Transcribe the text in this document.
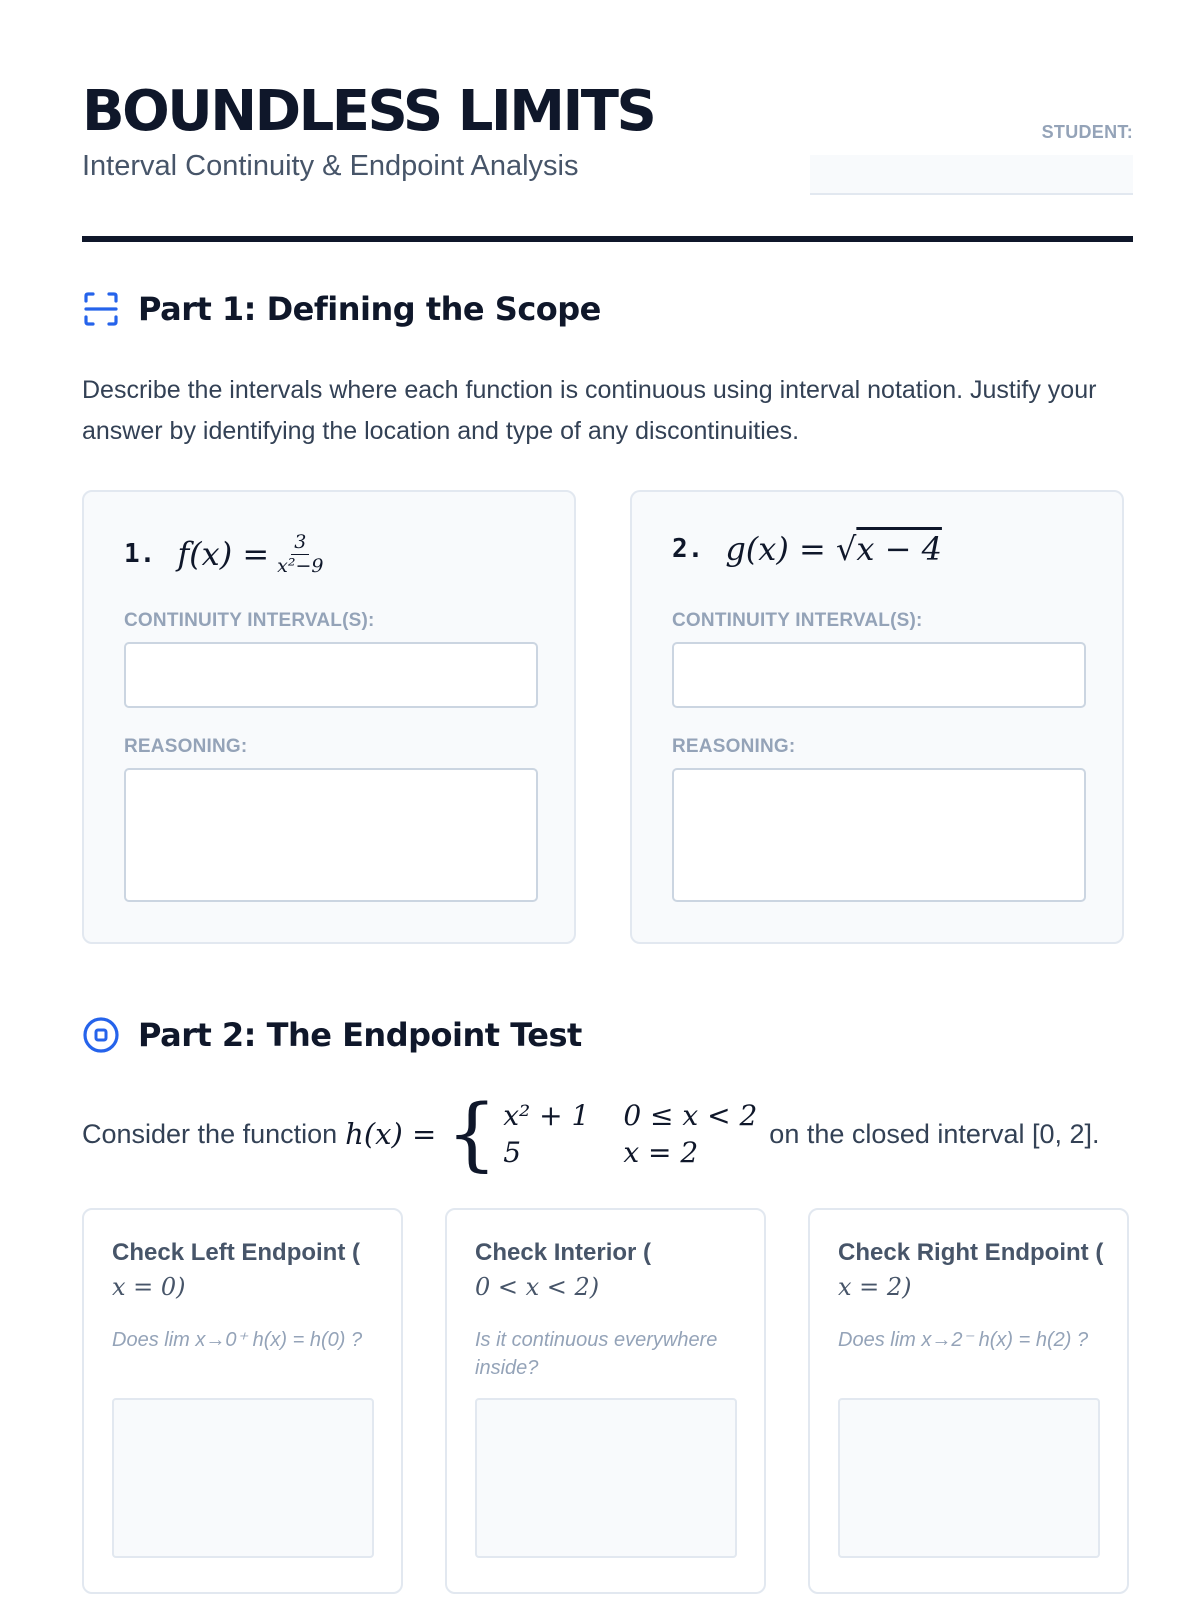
BOUNDLESS LIMITS
Interval Continuity & Endpoint Analysis
STUDENT:
Part 1: Defining the Scope
Describe the intervals where each function is continuous using interval notation. Justify your answer by identifying the location and type of any discontinuities.
1. $f(x) = \frac{3}{\text{x²−9}}$
CONTINUITY INTERVAL(S):
REASONING:
2. g(x) = √ x − 4
CONTINUITY INTERVAL(S):
REASONING:
Part 2: The Endpoint Test
Consider the function h(x) = { x² + 1 0 ≤ x < 2
5	x = 2
on the closed interval [0, 2].
Check Left Endpoint (
x = 0)
Does lim x→0⁺ h(x) = h(0) ?
Check Interior (
0 < x < 2)
Is it continuous everywhere inside?
Check Right Endpoint (
x = 2)
Does lim x→2⁻ h(x) = h(2) ?
